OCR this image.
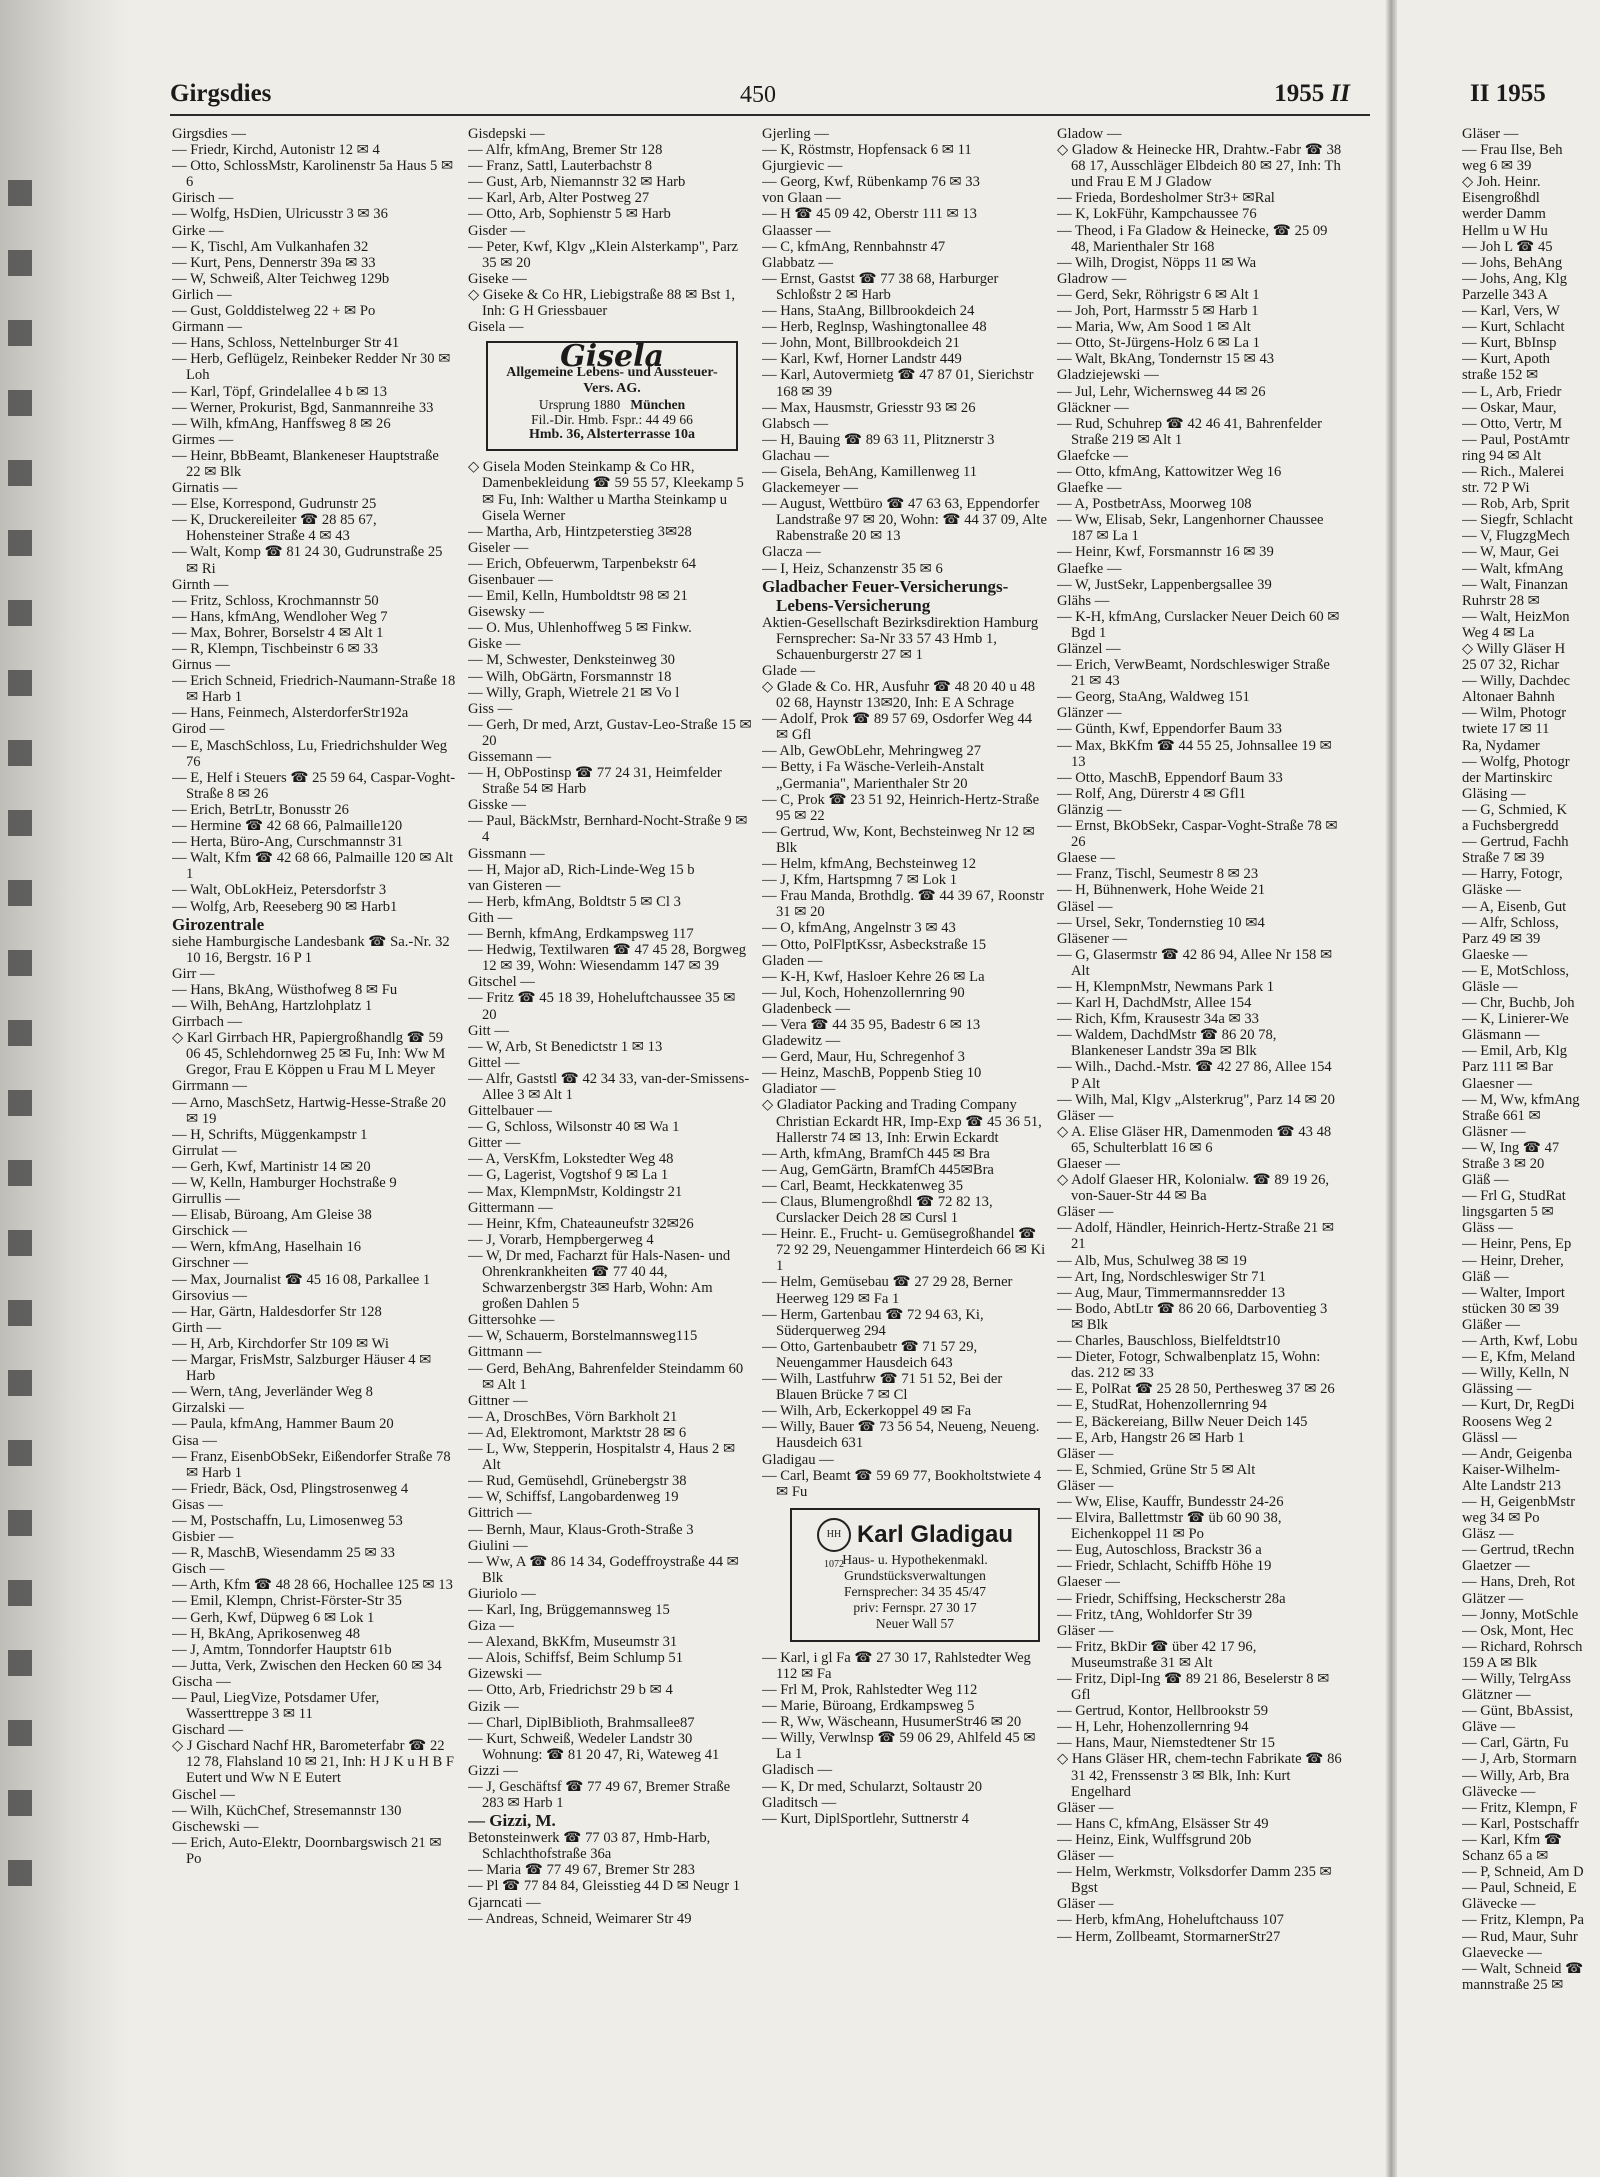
Girgsdies	450	1955 II	II 1955
Girgsdies —
— Friedr, Kirchd, Autonistr 12 ✉ 4
— Otto, SchlossMstr, Karolinenstr 5a Haus 5 ✉ 6
Girisch —
— Wolfg, HsDien, Ulricusstr 3 ✉ 36
Girke —
— K, Tischl, Am Vulkanhafen 32
— Kurt, Pens, Dennerstr 39a ✉ 33
— W, Schweiß, Alter Teichweg 129b
Girlich —
— Gust, Golddistelweg 22 + ✉ Po
Girmann —
— Hans, Schloss, Nettelnburger Str 41
— Herb, Geflügelz, Reinbeker Redder Nr 30 ✉ Loh
— Karl, Töpf, Grindelallee 4 b ✉ 13
— Werner, Prokurist, Bgd, Sanmannreihe 33
— Wilh, kfmAng, Hanffsweg 8 ✉ 26
Girmes —
— Heinr, BbBeamt, Blankeneser Hauptstraße 22 ✉ Blk
Girnatis —
— Else, Korrespond, Gudrunstr 25
— K, Druckereileiter ☎ 28 85 67, Hohensteiner Straße 4 ✉ 43
— Walt, Komp ☎ 81 24 30, Gudrunstraße 25 ✉ Ri
Girnth —
— Fritz, Schloss, Krochmannstr 50
— Hans, kfmAng, Wendloher Weg 7
— Max, Bohrer, Borselstr 4 ✉ Alt 1
— R, Klempn, Tischbeinstr 6 ✉ 33
Girnus —
— Erich Schneid, Friedrich-Naumann-Straße 18 ✉ Harb 1
— Hans, Feinmech, AlsterdorferStr192a
Girod —
— E, MaschSchloss, Lu, Friedrichshulder Weg 76
— E, Helf i Steuers ☎ 25 59 64, Caspar-Voght-Straße 8 ✉ 26
— Erich, BetrLtr, Bonusstr 26
— Hermine ☎ 42 68 66, Palmaille120
— Herta, Büro-Ang, Curschmannstr 31
— Walt, Kfm ☎ 42 68 66, Palmaille 120 ✉ Alt 1
— Walt, ObLokHeiz, Petersdorfstr 3
— Wolfg, Arb, Reeseberg 90 ✉ Harb1
Girozentrale
siehe Hamburgische Landesbank ☎ Sa.-Nr. 32 10 16, Bergstr. 16 P 1
Girr —
— Hans, BkAng, Wüsthofweg 8 ✉ Fu
— Wilh, BehAng, Hartzlohplatz 1
Girrbach —
◇ Karl Girrbach HR, Papiergroßhandlg ☎ 59 06 45, Schlehdornweg 25 ✉ Fu, Inh: Ww M Gregor, Frau E Köppen u Frau M L Meyer
Girrmann —
— Arno, MaschSetz, Hartwig-Hesse-Straße 20 ✉ 19
— H, Schrifts, Müggenkampstr 1
Girrulat —
— Gerh, Kwf, Martinistr 14 ✉ 20
— W, Kelln, Hamburger Hochstraße 9
Girrullis —
— Elisab, Büroang, Am Gleise 38
Girschick —
— Wern, kfmAng, Haselhain 16
Girschner —
— Max, Journalist ☎ 45 16 08, Parkallee 1
Girsovius —
— Har, Gärtn, Haldesdorfer Str 128
Girth —
— H, Arb, Kirchdorfer Str 109 ✉ Wi
— Margar, FrisMstr, Salzburger Häuser 4 ✉ Harb
— Wern, tAng, Jeverländer Weg 8
Girzalski —
— Paula, kfmAng, Hammer Baum 20
Gisa —
— Franz, EisenbObSekr, Eißendorfer Straße 78 ✉ Harb 1
— Friedr, Bäck, Osd, Plingstrosenweg 4
Gisas —
— M, Postschaffn, Lu, Limosenweg 53
Gisbier —
— R, MaschB, Wiesendamm 25 ✉ 33
Gisch —
— Arth, Kfm ☎ 48 28 66, Hochallee 125 ✉ 13
— Emil, Klempn, Christ-Förster-Str 35
— Gerh, Kwf, Düpweg 6 ✉ Lok 1
— H, BkAng, Aprikosenweg 48
— J, Amtm, Tonndorfer Hauptstr 61b
— Jutta, Verk, Zwischen den Hecken 60 ✉ 34
Gischa —
— Paul, LiegVize, Potsdamer Ufer, Wasserttreppe 3 ✉ 11
Gischard —
◇ J Gischard Nachf HR, Barometerfabr ☎ 22 12 78, Flahsland 10 ✉ 21, Inh: H J K u H B F Eutert und Ww N E Eutert
Gischel —
— Wilh, KüchChef, Stresemannstr 130
Gischewski —
— Erich, Auto-Elektr, Doornbargswisch 21 ✉ Po
Gisdepski —
— Alfr, kfmAng, Bremer Str 128
— Franz, Sattl, Lauterbachstr 8
— Gust, Arb, Niemannstr 32 ✉ Harb
— Karl, Arb, Alter Postweg 27
— Otto, Arb, Sophienstr 5 ✉ Harb
Gisder —
— Peter, Kwf, Klgv „Klein Alsterkamp", Parz 35 ✉ 20
Giseke —
◇ Giseke & Co HR, Liebigstraße 88 ✉ Bst 1, Inh: G H Griessbauer
Gisela —
Gisela
Allgemeine Lebens- und Aussteuer-Vers. AG.
Ursprung 1880 München
Fil.-Dir. Hmb. Fspr.: 44 49 66
Hmb. 36, Alsterterrasse 10a
◇ Gisela Moden Steinkamp & Co HR, Damenbekleidung ☎ 59 55 57, Kleekamp 5 ✉ Fu, Inh: Walther u Martha Steinkamp u Gisela Werner
— Martha, Arb, Hintzpeterstieg 3✉28
Giseler —
— Erich, Obfeuerwm, Tarpenbekstr 64
Gisenbauer —
— Emil, Kelln, Humboldtstr 98 ✉ 21
Gisewsky —
— O. Mus, Uhlenhoffweg 5 ✉ Finkw.
Giske —
— M, Schwester, Denksteinweg 30
— Wilh, ObGärtn, Forsmannstr 18
— Willy, Graph, Wietrele 21 ✉ Vo l
Giss —
— Gerh, Dr med, Arzt, Gustav-Leo-Straße 15 ✉ 20
Gissemann —
— H, ObPostinsp ☎ 77 24 31, Heimfelder Straße 54 ✉ Harb
Gisske —
— Paul, BäckMstr, Bernhard-Nocht-Straße 9 ✉ 4
Gissmann —
— H, Major aD, Rich-Linde-Weg 15 b
van Gisteren —
— Herb, kfmAng, Boldtstr 5 ✉ Cl 3
Gith —
— Bernh, kfmAng, Erdkampsweg 117
— Hedwig, Textilwaren ☎ 47 45 28, Borgweg 12 ✉ 39, Wohn: Wiesendamm 147 ✉ 39
Gitschel —
— Fritz ☎ 45 18 39, Hoheluftchaussee 35 ✉ 20
Gitt —
— W, Arb, St Benedictstr 1 ✉ 13
Gittel —
— Alfr, Gaststl ☎ 42 34 33, van-der-Smissens-Allee 3 ✉ Alt 1
Gittelbauer —
— G, Schloss, Wilsonstr 40 ✉ Wa 1
Gitter —
— A, VersKfm, Lokstedter Weg 48
— G, Lagerist, Vogtshof 9 ✉ La 1
— Max, KlempnMstr, Koldingstr 21
Gittermann —
— Heinr, Kfm, Chateauneufstr 32✉26
— J, Vorarb, Hempbergerweg 4
— W, Dr med, Facharzt für Hals-Nasen- und Ohrenkrankheiten ☎ 77 40 44, Schwarzenbergstr 3✉ Harb, Wohn: Am großen Dahlen 5
Gittersohke —
— W, Schauerm, Borstelmannsweg115
Gittmann —
— Gerd, BehAng, Bahrenfelder Steindamm 60 ✉ Alt 1
Gittner —
— A, DroschBes, Vörn Barkholt 21
— Ad, Elektromont, Marktstr 28 ✉ 6
— L, Ww, Stepperin, Hospitalstr 4, Haus 2 ✉ Alt
— Rud, Gemüsehdl, Grünebergstr 38
— W, Schiffsf, Langobardenweg 19
Gittrich —
— Bernh, Maur, Klaus-Groth-Straße 3
Giulini —
— Ww, A ☎ 86 14 34, Godeffroystraße 44 ✉ Blk
Giuriolo —
— Karl, Ing, Brüggemannsweg 15
Giza —
— Alexand, BkKfm, Museumstr 31
— Alois, Schiffsf, Beim Schlump 51
Gizewski —
— Otto, Arb, Friedrichstr 29 b ✉ 4
Gizik —
— Charl, DiplBiblioth, Brahmsallee87
— Kurt, Schweiß, Wedeler Landstr 30 Wohnung: ☎ 81 20 47, Ri, Wateweg 41
Gizzi —
— J, Geschäftsf ☎ 77 49 67, Bremer Straße 283 ✉ Harb 1
— Gizzi, M.
Betonsteinwerk ☎ 77 03 87, Hmb-Harb, Schlachthofstraße 36a
— Maria ☎ 77 49 67, Bremer Str 283
— Pl ☎ 77 84 84, Gleisstieg 44 D ✉ Neugr 1
Gjarncati —
— Andreas, Schneid, Weimarer Str 49
Gjerling —
— K, Röstmstr, Hopfensack 6 ✉ 11
Gjurgievic —
— Georg, Kwf, Rübenkamp 76 ✉ 33
von Glaan —
— H ☎ 45 09 42, Oberstr 111 ✉ 13
Glaasser —
— C, kfmAng, Rennbahnstr 47
Glabbatz —
— Ernst, Gastst ☎ 77 38 68, Harburger Schloßstr 2 ✉ Harb
— Hans, StaAng, Billbrookdeich 24
— Herb, Reglnsp, Washingtonallee 48
— John, Mont, Billbrookdeich 21
— Karl, Kwf, Horner Landstr 449
— Karl, Autovermietg ☎ 47 87 01, Sierichstr 168 ✉ 39
— Max, Hausmstr, Griesstr 93 ✉ 26
Glabsch —
— H, Bauing ☎ 89 63 11, Plitznerstr 3
Glachau —
— Gisela, BehAng, Kamillenweg 11
Glackemeyer —
— August, Wettbüro ☎ 47 63 63, Eppendorfer Landstraße 97 ✉ 20, Wohn: ☎ 44 37 09, Alte Rabenstraße 20 ✉ 13
Glacza —
— I, Heiz, Schanzenstr 35 ✉ 6
Gladbacher Feuer-Versicherungs-Lebens-Versicherung
Aktien-Gesellschaft Bezirksdirektion Hamburg Fernsprecher: Sa-Nr 33 57 43 Hmb 1, Schauenburgerstr 27 ✉ 1
Glade —
◇ Glade & Co. HR, Ausfuhr ☎ 48 20 40 u 48 02 68, Haynstr 13✉20, Inh: E A Schrage
— Adolf, Prok ☎ 89 57 69, Osdorfer Weg 44 ✉ Gfl
— Alb, GewObLehr, Mehringweg 27
— Betty, i Fa Wäsche-Verleih-Anstalt „Germania", Marienthaler Str 20
— C, Prok ☎ 23 51 92, Heinrich-Hertz-Straße 95 ✉ 22
— Gertrud, Ww, Kont, Bechsteinweg Nr 12 ✉ Blk
— Helm, kfmAng, Bechsteinweg 12
— J, Kfm, Hartspmng 7 ✉ Lok 1
— Frau Manda, Brothdlg. ☎ 44 39 67, Roonstr 31 ✉ 20
— O, kfmAng, Angelnstr 3 ✉ 43
— Otto, PolFlptKssr, Asbeckstraße 15
Gladen —
— K-H, Kwf, Hasloer Kehre 26 ✉ La
— Jul, Koch, Hohenzollernring 90
Gladenbeck —
— Vera ☎ 44 35 95, Badestr 6 ✉ 13
Gladewitz —
— Gerd, Maur, Hu, Schregenhof 3
— Heinz, MaschB, Poppenb Stieg 10
Gladiator —
◇ Gladiator Packing and Trading Company Christian Eckardt HR, Imp-Exp ☎ 45 36 51, Hallerstr 74 ✉ 13, Inh: Erwin Eckardt
— Arth, kfmAng, BramfCh 445 ✉ Bra
— Aug, GemGärtn, BramfCh 445✉Bra
— Carl, Beamt, Heckkatenweg 35
— Claus, Blumengroßhdl ☎ 72 82 13, Curslacker Deich 28 ✉ Cursl 1
— Heinr. E., Frucht- u. Gemüsegroßhandel ☎ 72 92 29, Neuengammer Hinterdeich 66 ✉ Ki 1
— Helm, Gemüsebau ☎ 27 29 28, Berner Heerweg 129 ✉ Fa 1
— Herm, Gartenbau ☎ 72 94 63, Ki, Süderquerweg 294
— Otto, Gartenbaubetr ☎ 71 57 29, Neuengammer Hausdeich 643
— Wilh, Lastfuhrw ☎ 71 51 52, Bei der Blauen Brücke 7 ✉ Cl
— Wilh, Arb, Eckerkoppel 49 ✉ Fa
— Willy, Bauer ☎ 73 56 54, Neueng, Neueng. Hausdeich 631
Gladigau —
— Carl, Beamt ☎ 59 69 77, Bookholtstwiete 4 ✉ Fu
HH 1072Karl Gladigau
Haus- u. Hypothekenmakl.
Grundstücksverwaltungen
Fernsprecher: 34 35 45/47
priv: Fernspr. 27 30 17
Neuer Wall 57
— Karl, i gl Fa ☎ 27 30 17, Rahlstedter Weg 112 ✉ Fa
— Frl M, Prok, Rahlstedter Weg 112
— Marie, Büroang, Erdkampsweg 5
— R, Ww, Wäscheann, HusumerStr46 ✉ 20
— Willy, Verwlnsp ☎ 59 06 29, Ahlfeld 45 ✉ La 1
Gladisch —
— K, Dr med, Schularzt, Soltaustr 20
Gladitsch —
— Kurt, DiplSportlehr, Suttnerstr 4
Gladow —
◇ Gladow & Heinecke HR, Drahtw.-Fabr ☎ 38 68 17, Ausschläger Elbdeich 80 ✉ 27, Inh: Th und Frau E M J Gladow
— Frieda, Bordesholmer Str3+ ✉Ral
— K, LokFühr, Kampchaussee 76
— Theod, i Fa Gladow & Heinecke, ☎ 25 09 48, Marienthaler Str 168
— Wilh, Drogist, Nöpps 11 ✉ Wa
Gladrow —
— Gerd, Sekr, Röhrigstr 6 ✉ Alt 1
— Joh, Port, Harmsstr 5 ✉ Harb 1
— Maria, Ww, Am Sood 1 ✉ Alt
— Otto, St-Jürgens-Holz 6 ✉ La 1
— Walt, BkAng, Tondernstr 15 ✉ 43
Gladziejewski —
— Jul, Lehr, Wichernsweg 44 ✉ 26
Gläckner —
— Rud, Schuhrep ☎ 42 46 41, Bahrenfelder Straße 219 ✉ Alt 1
Glaefcke —
— Otto, kfmAng, Kattowitzer Weg 16
Glaefke —
— A, PostbetrAss, Moorweg 108
— Ww, Elisab, Sekr, Langenhorner Chaussee 187 ✉ La 1
— Heinr, Kwf, Forsmannstr 16 ✉ 39
Glaefke —
— W, JustSekr, Lappenbergsallee 39
Glähs —
— K-H, kfmAng, Curslacker Neuer Deich 60 ✉ Bgd 1
Glänzel —
— Erich, VerwBeamt, Nordschleswiger Straße 21 ✉ 43
— Georg, StaAng, Waldweg 151
Glänzer —
— Günth, Kwf, Eppendorfer Baum 33
— Max, BkKfm ☎ 44 55 25, Johnsallee 19 ✉ 13
— Otto, MaschB, Eppendorf Baum 33
— Rolf, Ang, Dürerstr 4 ✉ Gfl1
Glänzig —
— Ernst, BkObSekr, Caspar-Voght-Straße 78 ✉ 26
Glaese —
— Franz, Tischl, Seumestr 8 ✉ 23
— H, Bühnenwerk, Hohe Weide 21
Gläsel —
— Ursel, Sekr, Tondernstieg 10 ✉4
Gläsener —
— G, Glasermstr ☎ 42 86 94, Allee Nr 158 ✉ Alt
— H, KlempnMstr, Newmans Park 1
— Karl H, DachdMstr, Allee 154
— Rich, Kfm, Krausestr 34a ✉ 33
— Waldem, DachdMstr ☎ 86 20 78, Blankeneser Landstr 39a ✉ Blk
— Wilh., Dachd.-Mstr. ☎ 42 27 86, Allee 154 P Alt
— Wilh, Mal, Klgv „Alsterkrug", Parz 14 ✉ 20
Gläser —
◇ A. Elise Gläser HR, Damenmoden ☎ 43 48 65, Schulterblatt 16 ✉ 6
Glaeser —
◇ Adolf Glaeser HR, Kolonialw. ☎ 89 19 26, von-Sauer-Str 44 ✉ Ba
Gläser —
— Adolf, Händler, Heinrich-Hertz-Straße 21 ✉ 21
— Alb, Mus, Schulweg 38 ✉ 19
— Art, Ing, Nordschleswiger Str 71
— Aug, Maur, Timmermannsredder 13
— Bodo, AbtLtr ☎ 86 20 66, Darboventieg 3 ✉ Blk
— Charles, Bauschloss, Bielfeldtstr10
— Dieter, Fotogr, Schwalbenplatz 15, Wohn: das. 212 ✉ 33
— E, PolRat ☎ 25 28 50, Perthesweg 37 ✉ 26
— E, StudRat, Hohenzollernring 94
— E, Bäckereiang, Billw Neuer Deich 145
— E, Arb, Hangstr 26 ✉ Harb 1
Gläser —
— E, Schmied, Grüne Str 5 ✉ Alt
Gläser —
— Ww, Elise, Kauffr, Bundesstr 24-26
— Elvira, Ballettmstr ☎ üb 60 90 38, Eichenkoppel 11 ✉ Po
— Eug, Autoschloss, Brackstr 36 a
— Friedr, Schlacht, Schiffb Höhe 19
Glaeser —
— Friedr, Schiffsing, Heckscherstr 28a
— Fritz, tAng, Wohldorfer Str 39
Gläser —
— Fritz, BkDir ☎ über 42 17 96, Museumstraße 31 ✉ Alt
— Fritz, Dipl-Ing ☎ 89 21 86, Beselerstr 8 ✉ Gfl
— Gertrud, Kontor, Hellbrookstr 59
— H, Lehr, Hohenzollernring 94
— Hans, Maur, Niemstedtener Str 15
◇ Hans Gläser HR, chem-techn Fabrikate ☎ 86 31 42, Frenssenstr 3 ✉ Blk, Inh: Kurt Engelhard
Gläser —
— Hans C, kfmAng, Elsässer Str 49
— Heinz, Eink, Wulffsgrund 20b
Gläser —
— Helm, Werkmstr, Volksdorfer Damm 235 ✉ Bgst
Gläser —
— Herb, kfmAng, Hoheluftchauss 107
— Herm, Zollbeamt, StormarnerStr27
Gläser —
— Frau Ilse, Beh
weg 6 ✉ 39
◇ Joh. Heinr.
Eisengroßhdl
werder Damm
Hellm u W Hu
— Joh L ☎ 45
— Johs, BehAng
— Johs, Ang, Klg
Parzelle 343 A
— Karl, Vers, W
— Kurt, Schlacht
— Kurt, BbInsp
— Kurt, Apoth
straße 152 ✉
— L, Arb, Friedr
— Oskar, Maur,
— Otto, Vertr, M
— Paul, PostAmtr
ring 94 ✉ Alt
— Rich., Malerei
str. 72 P Wi
— Rob, Arb, Sprit
— Siegfr, Schlacht
— V, FlugzgMech
— W, Maur, Gei
— Walt, kfmAng
— Walt, Finanzan
Ruhrstr 28 ✉
— Walt, HeizMon
Weg 4 ✉ La
◇ Willy Gläser H
25 07 32, Richar
— Willy, Dachdec
Altonaer Bahnh
— Wilm, Photogr
twiete 17 ✉ 11
Ra, Nydamer
— Wolfg, Photogr
der Martinskirc
Gläsing —
— G, Schmied, K
a Fuchsbergredd
— Gertrud, Fachh
Straße 7 ✉ 39
— Harry, Fotogr,
Gläske —
— A, Eisenb, Gut
— Alfr, Schloss,
Parz 49 ✉ 39
Glaeske —
— E, MotSchloss,
Gläsle —
— Chr, Buchb, Joh
— K, Linierer-We
Gläsmann —
— Emil, Arb, Klg
Parz 111 ✉ Bar
Glaesner —
— M, Ww, kfmAng
Straße 661 ✉
Gläsner —
— W, Ing ☎ 47
Straße 3 ✉ 20
Gläß —
— Frl G, StudRat
lingsgarten 5 ✉
Gläss —
— Heinr, Pens, Ep
— Heinr, Dreher,
Gläß —
— Walter, Import
stücken 30 ✉ 39
Gläßer —
— Arth, Kwf, Lobu
— E, Kfm, Meland
— Willy, Kelln, N
Glässing —
— Kurt, Dr, RegDi
Roosens Weg 2
Glässl —
— Andr, Geigenba
Kaiser-Wilhelm-
Alte Landstr 213
— H, GeigenbMstr
weg 34 ✉ Po
Gläsz —
— Gertrud, tRechn
Glaetzer —
— Hans, Dreh, Rot
Glätzer —
— Jonny, MotSchle
— Osk, Mont, Hec
— Richard, Rohrsch
159 A ✉ Blk
— Willy, TelrgAss
Glätzner —
— Günt, BbAssist,
Gläve —
— Carl, Gärtn, Fu
— J, Arb, Stormarn
— Willy, Arb, Bra
Glävecke —
— Fritz, Klempn, F
— Karl, Postschaffr
— Karl, Kfm ☎
Schanz 65 a ✉
— P, Schneid, Am D
— Paul, Schneid, E
Glävecke —
— Fritz, Klempn, Pa
— Rud, Maur, Suhr
Glaevecke —
— Walt, Schneid ☎
mannstraße 25 ✉
